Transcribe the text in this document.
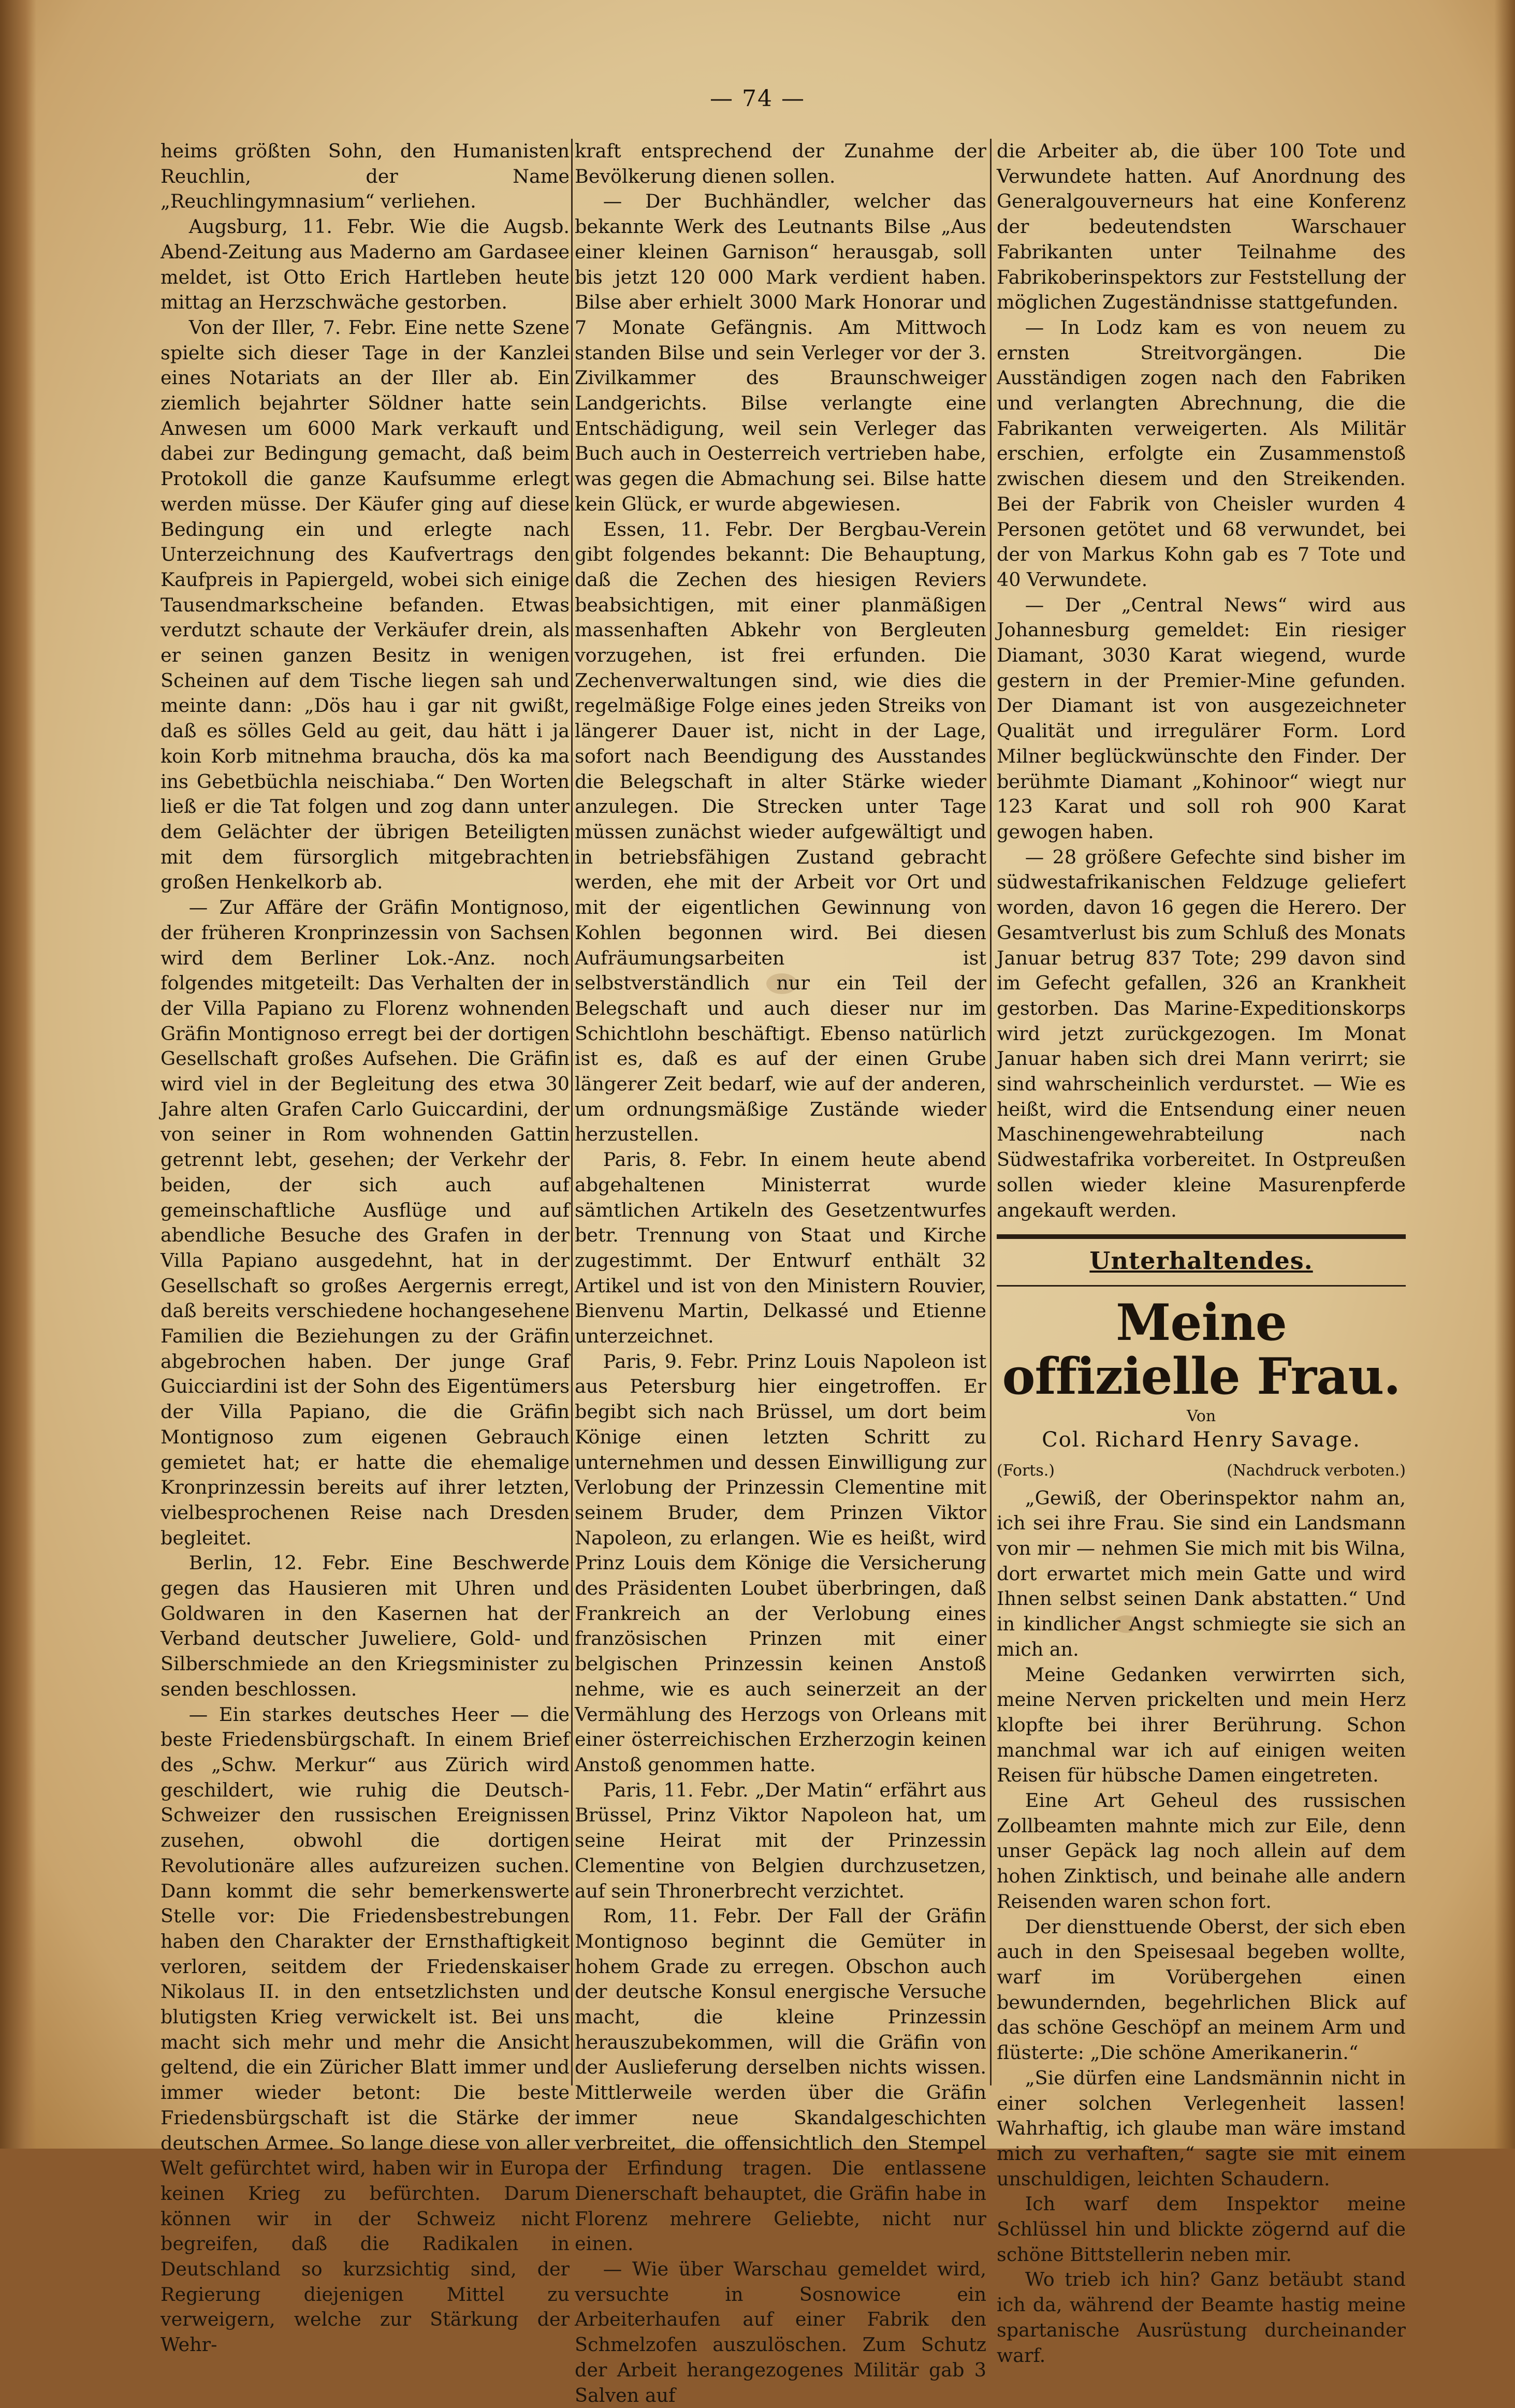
— 74 —

heims größten Sohn, den Humanisten Reuchlin, der Name „Reuchlingymnasium“ verliehen.

Augsburg, 11. Febr. Wie die Augsb. Abend-Zeitung aus Maderno am Gardasee meldet, ist Otto Erich Hartleben heute mittag an Herzschwäche gestorben.

Von der Iller, 7. Febr. Eine nette Szene spielte sich dieser Tage in der Kanzlei eines Notariats an der Iller ab. Ein ziemlich bejahrter Söldner hatte sein Anwesen um 6000 Mark verkauft und dabei zur Bedingung gemacht, daß beim Protokoll die ganze Kaufsumme erlegt werden müsse. Der Käufer ging auf diese Bedingung ein und erlegte nach Unterzeichnung des Kaufvertrags den Kaufpreis in Papiergeld, wobei sich einige Tausendmarkscheine befanden. Etwas verdutzt schaute der Verkäufer drein, als er seinen ganzen Besitz in wenigen Scheinen auf dem Tische liegen sah und meinte dann: „Dös hau i gar nit gwißt, daß es sölles Geld au geit, dau hätt i ja koin Korb mitnehma braucha, dös ka ma ins Gebetbüchla neischiaba.“ Den Worten ließ er die Tat folgen und zog dann unter dem Gelächter der übrigen Beteiligten mit dem fürsorglich mitgebrachten großen Henkelkorb ab.

— Zur Affäre der Gräfin Montignoso, der früheren Kronprinzessin von Sachsen wird dem Berliner Lok.-Anz. noch folgendes mitgeteilt: Das Verhalten der in der Villa Papiano zu Florenz wohnenden Gräfin Montignoso erregt bei der dortigen Gesellschaft großes Aufsehen. Die Gräfin wird viel in der Begleitung des etwa 30 Jahre alten Grafen Carlo Guiccardini, der von seiner in Rom wohnenden Gattin getrennt lebt, gesehen; der Verkehr der beiden, der sich auch auf gemeinschaftliche Ausflüge und auf abendliche Besuche des Grafen in der Villa Papiano ausgedehnt, hat in der Gesellschaft so großes Aergernis erregt, daß bereits verschiedene hochangesehene Familien die Beziehungen zu der Gräfin abgebrochen haben. Der junge Graf Guicciardini ist der Sohn des Eigentümers der Villa Papiano, die die Gräfin Montignoso zum eigenen Gebrauch gemietet hat; er hatte die ehemalige Kronprinzessin bereits auf ihrer letzten, vielbesprochenen Reise nach Dresden begleitet.

Berlin, 12. Febr. Eine Beschwerde gegen das Hausieren mit Uhren und Goldwaren in den Kasernen hat der Verband deutscher Juweliere, Gold- und Silberschmiede an den Kriegsminister zu senden beschlossen.

— Ein starkes deutsches Heer — die beste Friedensbürgschaft. In einem Brief des „Schw. Merkur“ aus Zürich wird geschildert, wie ruhig die Deutsch-Schweizer den russischen Ereignissen zusehen, obwohl die dortigen Revolutionäre alles aufzureizen suchen. Dann kommt die sehr bemerkenswerte Stelle vor: Die Friedensbestrebungen haben den Charakter der Ernsthaftigkeit verloren, seitdem der Friedenskaiser Nikolaus II. in den entsetzlichsten und blutigsten Krieg verwickelt ist. Bei uns macht sich mehr und mehr die Ansicht geltend, die ein Züricher Blatt immer und immer wieder betont: Die beste Friedensbürgschaft ist die Stärke der deutschen Armee. So lange diese von aller Welt gefürchtet wird, haben wir in Europa keinen Krieg zu befürchten. Darum können wir in der Schweiz nicht begreifen, daß die Radikalen in Deutschland so kurzsichtig sind, der Regierung diejenigen Mittel zu verweigern, welche zur Stärkung der Wehr-

kraft entsprechend der Zunahme der Bevölkerung dienen sollen.

— Der Buchhändler, welcher das bekannte Werk des Leutnants Bilse „Aus einer kleinen Garnison“ herausgab, soll bis jetzt 120 000 Mark verdient haben. Bilse aber erhielt 3000 Mark Honorar und 7 Monate Gefängnis. Am Mittwoch standen Bilse und sein Verleger vor der 3. Zivilkammer des Braunschweiger Landgerichts. Bilse verlangte eine Entschädigung, weil sein Verleger das Buch auch in Oesterreich vertrieben habe, was gegen die Abmachung sei. Bilse hatte kein Glück, er wurde abgewiesen.

Essen, 11. Febr. Der Bergbau-Verein gibt folgendes bekannt: Die Behauptung, daß die Zechen des hiesigen Reviers beabsichtigen, mit einer planmäßigen massenhaften Abkehr von Bergleuten vorzugehen, ist frei erfunden. Die Zechenverwaltungen sind, wie dies die regelmäßige Folge eines jeden Streiks von längerer Dauer ist, nicht in der Lage, sofort nach Beendigung des Ausstandes die Belegschaft in alter Stärke wieder anzulegen. Die Strecken unter Tage müssen zunächst wieder aufgewältigt und in betriebsfähigen Zustand gebracht werden, ehe mit der Arbeit vor Ort und mit der eigentlichen Gewinnung von Kohlen begonnen wird. Bei diesen Aufräumungsarbeiten ist selbstverständlich nur ein Teil der Belegschaft und auch dieser nur im Schichtlohn beschäftigt. Ebenso natürlich ist es, daß es auf der einen Grube längerer Zeit bedarf, wie auf der anderen, um ordnungsmäßige Zustände wieder herzustellen.

Paris, 8. Febr. In einem heute abend abgehaltenen Ministerrat wurde sämtlichen Artikeln des Gesetzentwurfes betr. Trennung von Staat und Kirche zugestimmt. Der Entwurf enthält 32 Artikel und ist von den Ministern Rouvier, Bienvenu Martin, Delkassé und Etienne unterzeichnet.

Paris, 9. Febr. Prinz Louis Napoleon ist aus Petersburg hier eingetroffen. Er begibt sich nach Brüssel, um dort beim Könige einen letzten Schritt zu unternehmen und dessen Einwilligung zur Verlobung der Prinzessin Clementine mit seinem Bruder, dem Prinzen Viktor Napoleon, zu erlangen. Wie es heißt, wird Prinz Louis dem Könige die Versicherung des Präsidenten Loubet überbringen, daß Frankreich an der Verlobung eines französischen Prinzen mit einer belgischen Prinzessin keinen Anstoß nehme, wie es auch seinerzeit an der Vermählung des Herzogs von Orleans mit einer österreichischen Erzherzogin keinen Anstoß genommen hatte.

Paris, 11. Febr. „Der Matin“ erfährt aus Brüssel, Prinz Viktor Napoleon hat, um seine Heirat mit der Prinzessin Clementine von Belgien durchzusetzen, auf sein Thronerbrecht verzichtet.

Rom, 11. Febr. Der Fall der Gräfin Montignoso beginnt die Gemüter in hohem Grade zu erregen. Obschon auch der deutsche Konsul energische Versuche macht, die kleine Prinzessin herauszubekommen, will die Gräfin von der Auslieferung derselben nichts wissen. Mittlerweile werden über die Gräfin immer neue Skandalgeschichten verbreitet, die offensichtlich den Stempel der Erfindung tragen. Die entlassene Dienerschaft behauptet, die Gräfin habe in Florenz mehrere Geliebte, nicht nur einen.

— Wie über Warschau gemeldet wird, versuchte in Sosnowice ein Arbeiterhaufen auf einer Fabrik den Schmelzofen auszulöschen. Zum Schutz der Arbeit herangezogenes Militär gab 3 Salven auf

die Arbeiter ab, die über 100 Tote und Verwundete hatten. Auf Anordnung des Generalgouverneurs hat eine Konferenz der bedeutendsten Warschauer Fabrikanten unter Teilnahme des Fabrikoberinspektors zur Feststellung der möglichen Zugeständnisse stattgefunden.

— In Lodz kam es von neuem zu ernsten Streitvorgängen. Die Ausständigen zogen nach den Fabriken und verlangten Abrechnung, die die Fabrikanten verweigerten. Als Militär erschien, erfolgte ein Zusammenstoß zwischen diesem und den Streikenden. Bei der Fabrik von Cheisler wurden 4 Personen getötet und 68 verwundet, bei der von Markus Kohn gab es 7 Tote und 40 Verwundete.

— Der „Central News“ wird aus Johannesburg gemeldet: Ein riesiger Diamant, 3030 Karat wiegend, wurde gestern in der Premier-Mine gefunden. Der Diamant ist von ausgezeichneter Qualität und irregulärer Form. Lord Milner beglückwünschte den Finder. Der berühmte Diamant „Kohinoor“ wiegt nur 123 Karat und soll roh 900 Karat gewogen haben.

— 28 größere Gefechte sind bisher im südwestafrikanischen Feldzuge geliefert worden, davon 16 gegen die Herero. Der Gesamtverlust bis zum Schluß des Monats Januar betrug 837 Tote; 299 davon sind im Gefecht gefallen, 326 an Krankheit gestorben. Das Marine-Expeditionskorps wird jetzt zurückgezogen. Im Monat Januar haben sich drei Mann verirrt; sie sind wahrscheinlich verdurstet. — Wie es heißt, wird die Entsendung einer neuen Maschinengewehrabteilung nach Südwestafrika vorbereitet. In Ostpreußen sollen wieder kleine Masurenpferde angekauft werden.

Unterhaltendes.
Meine offizielle Frau.
Von
Col. Richard Henry Savage.
(Forts.)	(Nachdruck verboten.)

„Gewiß, der Oberinspektor nahm an, ich sei ihre Frau. Sie sind ein Landsmann von mir — nehmen Sie mich mit bis Wilna, dort erwartet mich mein Gatte und wird Ihnen selbst seinen Dank abstatten.“ Und in kindlicher Angst schmiegte sie sich an mich an.

Meine Gedanken verwirrten sich, meine Nerven prickelten und mein Herz klopfte bei ihrer Berührung. Schon manchmal war ich auf einigen weiten Reisen für hübsche Damen eingetreten.

Eine Art Geheul des russischen Zollbeamten mahnte mich zur Eile, denn unser Gepäck lag noch allein auf dem hohen Zinktisch, und beinahe alle andern Reisenden waren schon fort.

Der diensttuende Oberst, der sich eben auch in den Speisesaal begeben wollte, warf im Vorübergehen einen bewundernden, begehrlichen Blick auf das schöne Geschöpf an meinem Arm und flüsterte: „Die schöne Amerikanerin.“

„Sie dürfen eine Landsmännin nicht in einer solchen Verlegenheit lassen! Wahrhaftig, ich glaube man wäre imstand mich zu verhaften,“ sagte sie mit einem unschuldigen, leichten Schaudern.

Ich warf dem Inspektor meine Schlüssel hin und blickte zögernd auf die schöne Bittstellerin neben mir.

Wo trieb ich hin? Ganz betäubt stand ich da, während der Beamte hastig meine spartanische Ausrüstung durcheinander warf.
